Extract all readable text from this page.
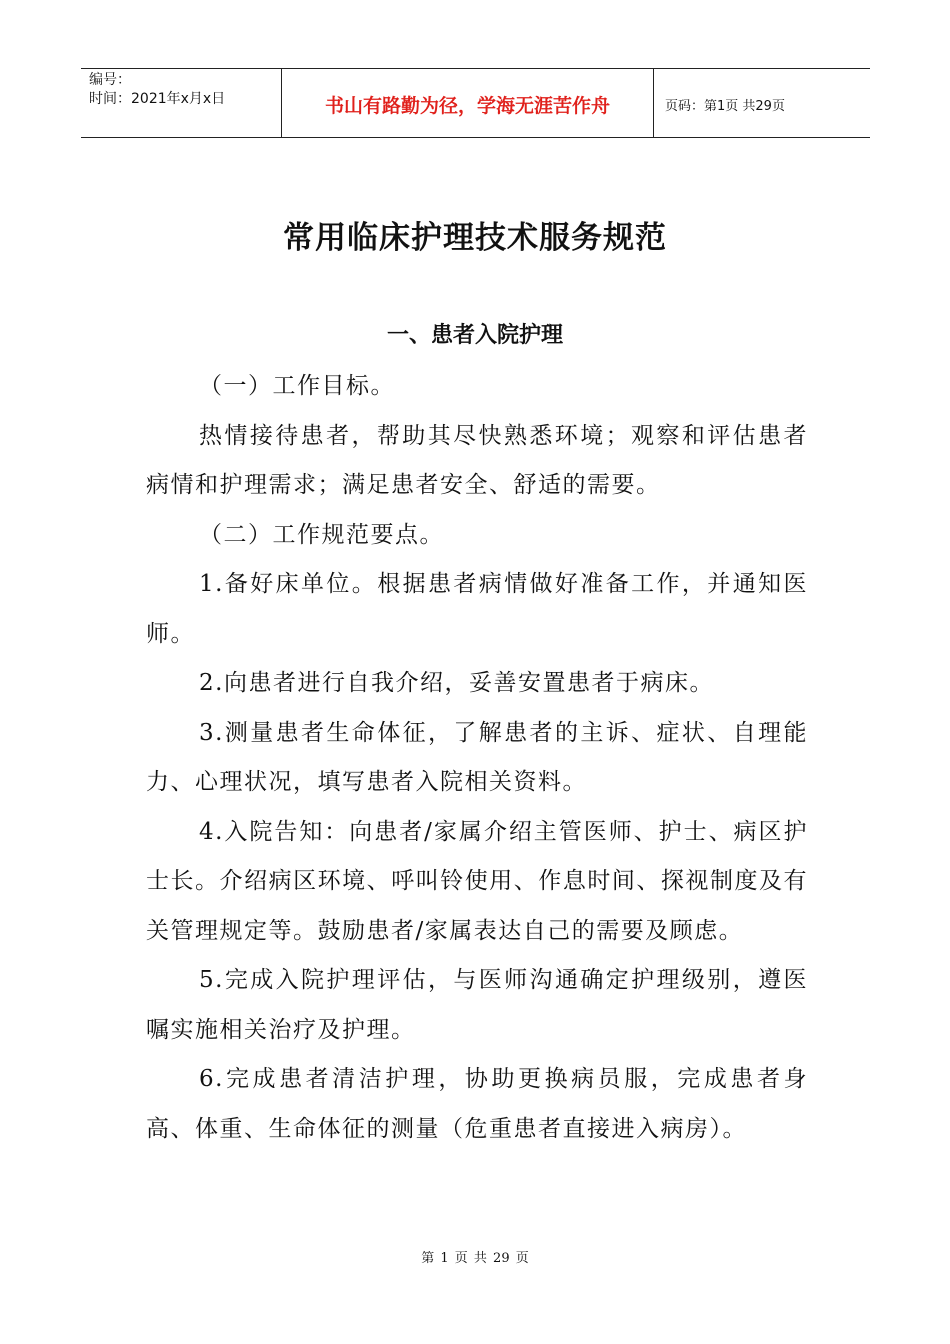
编号：
时间：2021年x月x日	书山有路勤为径，学海无涯苦作舟	页码：第1页 共29页
常用临床护理技术服务规范
一、患者入院护理

（一）工作目标。

热情接待患者，帮助其尽快熟悉环境；观察和评估患者病情和护理需求；满足患者安全、舒适的需要。

（二）工作规范要点。

1.备好床单位。根据患者病情做好准备工作，并通知医师。

2.向患者进行自我介绍，妥善安置患者于病床。

3.测量患者生命体征，了解患者的主诉、症状、自理能力、心理状况，填写患者入院相关资料。

4.入院告知：向患者/家属介绍主管医师、护士、病区护士长。介绍病区环境、呼叫铃使用、作息时间、探视制度及有关管理规定等。鼓励患者/家属表达自己的需要及顾虑。

5.完成入院护理评估，与医师沟通确定护理级别，遵医嘱实施相关治疗及护理。

6.完成患者清洁护理，协助更换病员服，完成患者身高、体重、生命体征的测量（危重患者直接进入病房）。

第 1 页 共 29 页
